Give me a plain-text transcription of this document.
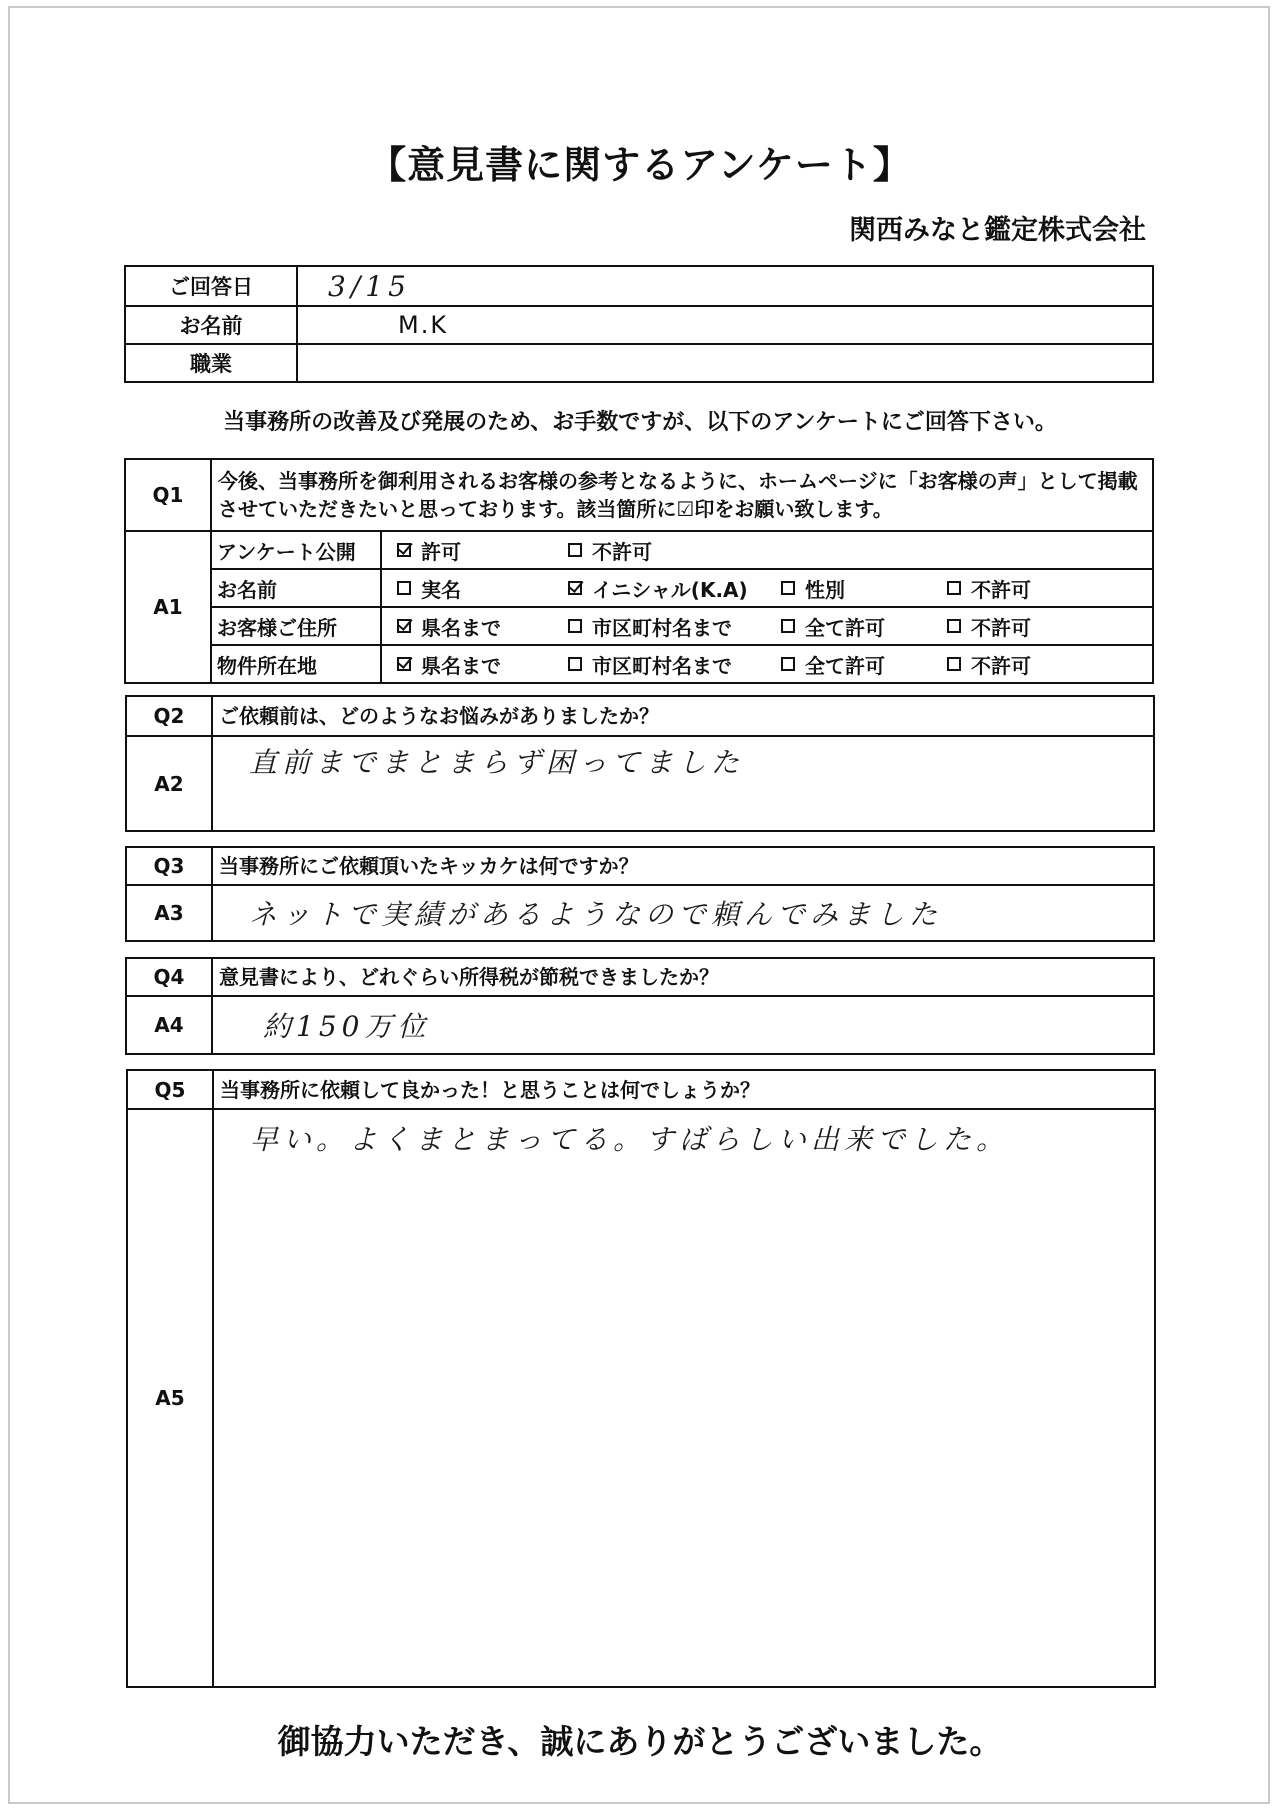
【意見書に関するアンケート】
関西みなと鑑定株式会社
ご回答日	3/15
お名前	M.K
職業	
当事務所の改善及び発展のため、お手数ですが、以下のアンケートにご回答下さい。
Q1	今後、当事務所を御利用されるお客様の参考となるように、ホームページに「お客様の声」として掲載させていただきたいと思っております。該当箇所に☑印をお願い致します。	
A1	アンケート公開	許可 不許可

	お名前	実名 イニシャル(K.A) 性別 不許可

	お客様ご住所	県名まで 市区町村名まで 全て許可 不許可

	物件所在地	県名まで 市区町村名まで 全て許可 不許可
Q2	ご依頼前は、どのようなお悩みがありましたか？
A2	直前までまとまらず困ってました
Q3	当事務所にご依頼頂いたキッカケは何ですか？
A3	ネットで実績があるようなので頼んでみました
Q4	意見書により、どれぐらい所得税が節税できましたか？
A4	約150万位
Q5	当事務所に依頼して良かった！と思うことは何でしょうか？
A5	早い。よくまとまってる。すばらしい出来でした。
御協力いただき、誠にありがとうございました。
